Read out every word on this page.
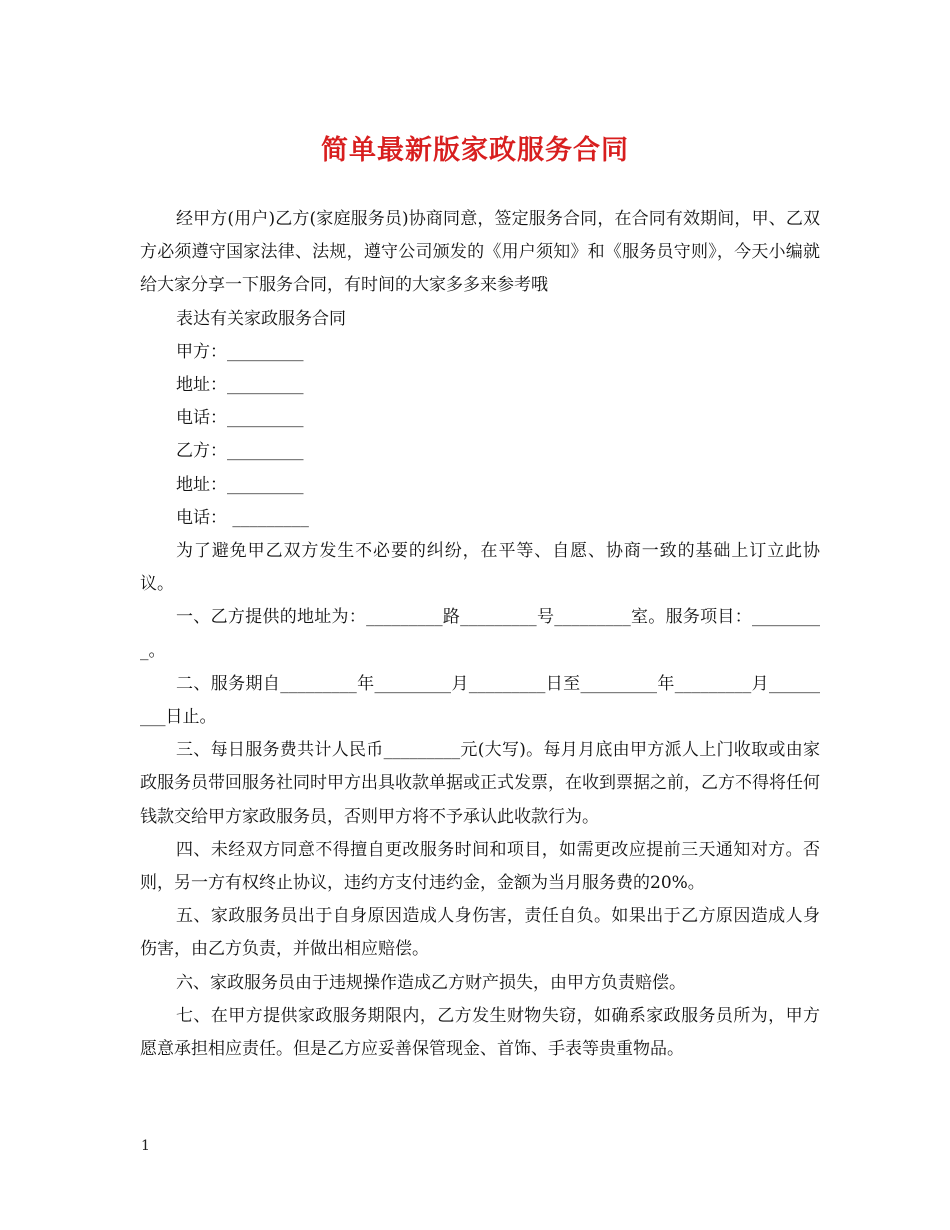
简单最新版家政服务合同

经甲方(用户)乙方(家庭服务员)协商同意，签定服务合同，在合同有效期间，甲、乙双方必须遵守国家法律、法规，遵守公司颁发的《用户须知》和《服务员守则》，今天小编就给大家分享一下服务合同，有时间的大家多多来参考哦

表达有关家政服务合同

甲方：_________

地址：_________

电话：_________

乙方：_________

地址：_________

电话： _________

为了避免甲乙双方发生不必要的纠纷，在平等、自愿、协商一致的基础上订立此协议。

一、乙方提供的地址为：_________路_________号_________室。服务项目：_________。

二、服务期自_________年_________月_________日至_________年_________月_________日止。

三、每日服务费共计人民币_________元(大写)。每月月底由甲方派人上门收取或由家政服务员带回服务社同时甲方出具收款单据或正式发票，在收到票据之前，乙方不得将任何钱款交给甲方家政服务员，否则甲方将不予承认此收款行为。

四、未经双方同意不得擅自更改服务时间和项目，如需更改应提前三天通知对方。否则，另一方有权终止协议，违约方支付违约金，金额为当月服务费的20%。

五、家政服务员出于自身原因造成人身伤害，责任自负。如果出于乙方原因造成人身伤害，由乙方负责，并做出相应赔偿。

六、家政服务员由于违规操作造成乙方财产损失，由甲方负责赔偿。

七、在甲方提供家政服务期限内，乙方发生财物失窃，如确系家政服务员所为，甲方愿意承担相应责任。但是乙方应妥善保管现金、首饰、手表等贵重物品。

1
